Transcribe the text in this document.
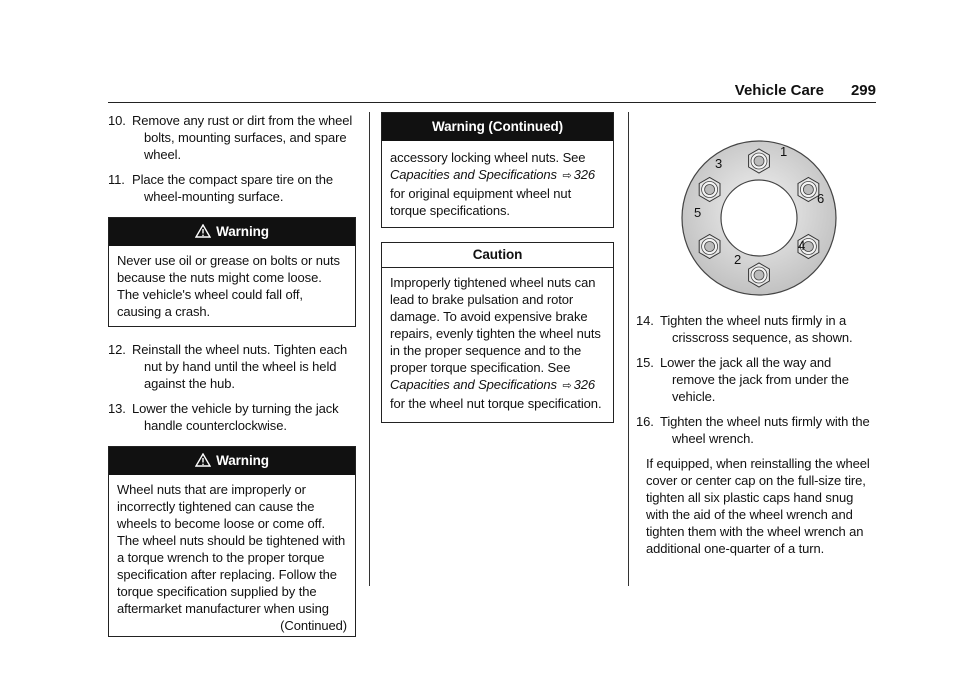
Vehicle Care 299
10. Remove any rust or dirt from the wheel bolts, mounting surfaces, and spare wheel.
11. Place the compact spare tire on the wheel-mounting surface.
Warning

Never use oil or grease on bolts or nuts because the nuts might come loose. The vehicle's wheel could fall off, causing a crash.

12. Reinstall the wheel nuts. Tighten each nut by hand until the wheel is held against the hub.
13. Lower the vehicle by turning the jack handle counterclockwise.
Warning

Wheel nuts that are improperly or incorrectly tightened can cause the wheels to become loose or come off. The wheel nuts should be tightened with a torque wrench to the proper torque specification after replacing. Follow the torque specification supplied by the aftermarket manufacturer when using

(Continued)

Warning (Continued)

accessory locking wheel nuts. See Capacities and Specifications ⇨ 326 for original equipment wheel nut torque specifications.

Caution

Improperly tightened wheel nuts can lead to brake pulsation and rotor damage. To avoid expensive brake repairs, evenly tighten the wheel nuts in the proper sequence and to the proper torque specification. See Capacities and Specifications ⇨ 326 for the wheel nut torque specification.

1
2
3
4
5
6
14. Tighten the wheel nuts firmly in a crisscross sequence, as shown.
15. Lower the jack all the way and remove the jack from under the vehicle.
16. Tighten the wheel nuts firmly with the wheel wrench.

If equipped, when reinstalling the wheel cover or center cap on the full-size tire, tighten all six plastic caps hand snug with the aid of the wheel wrench and tighten them with the wheel wrench an additional one-quarter of a turn.
